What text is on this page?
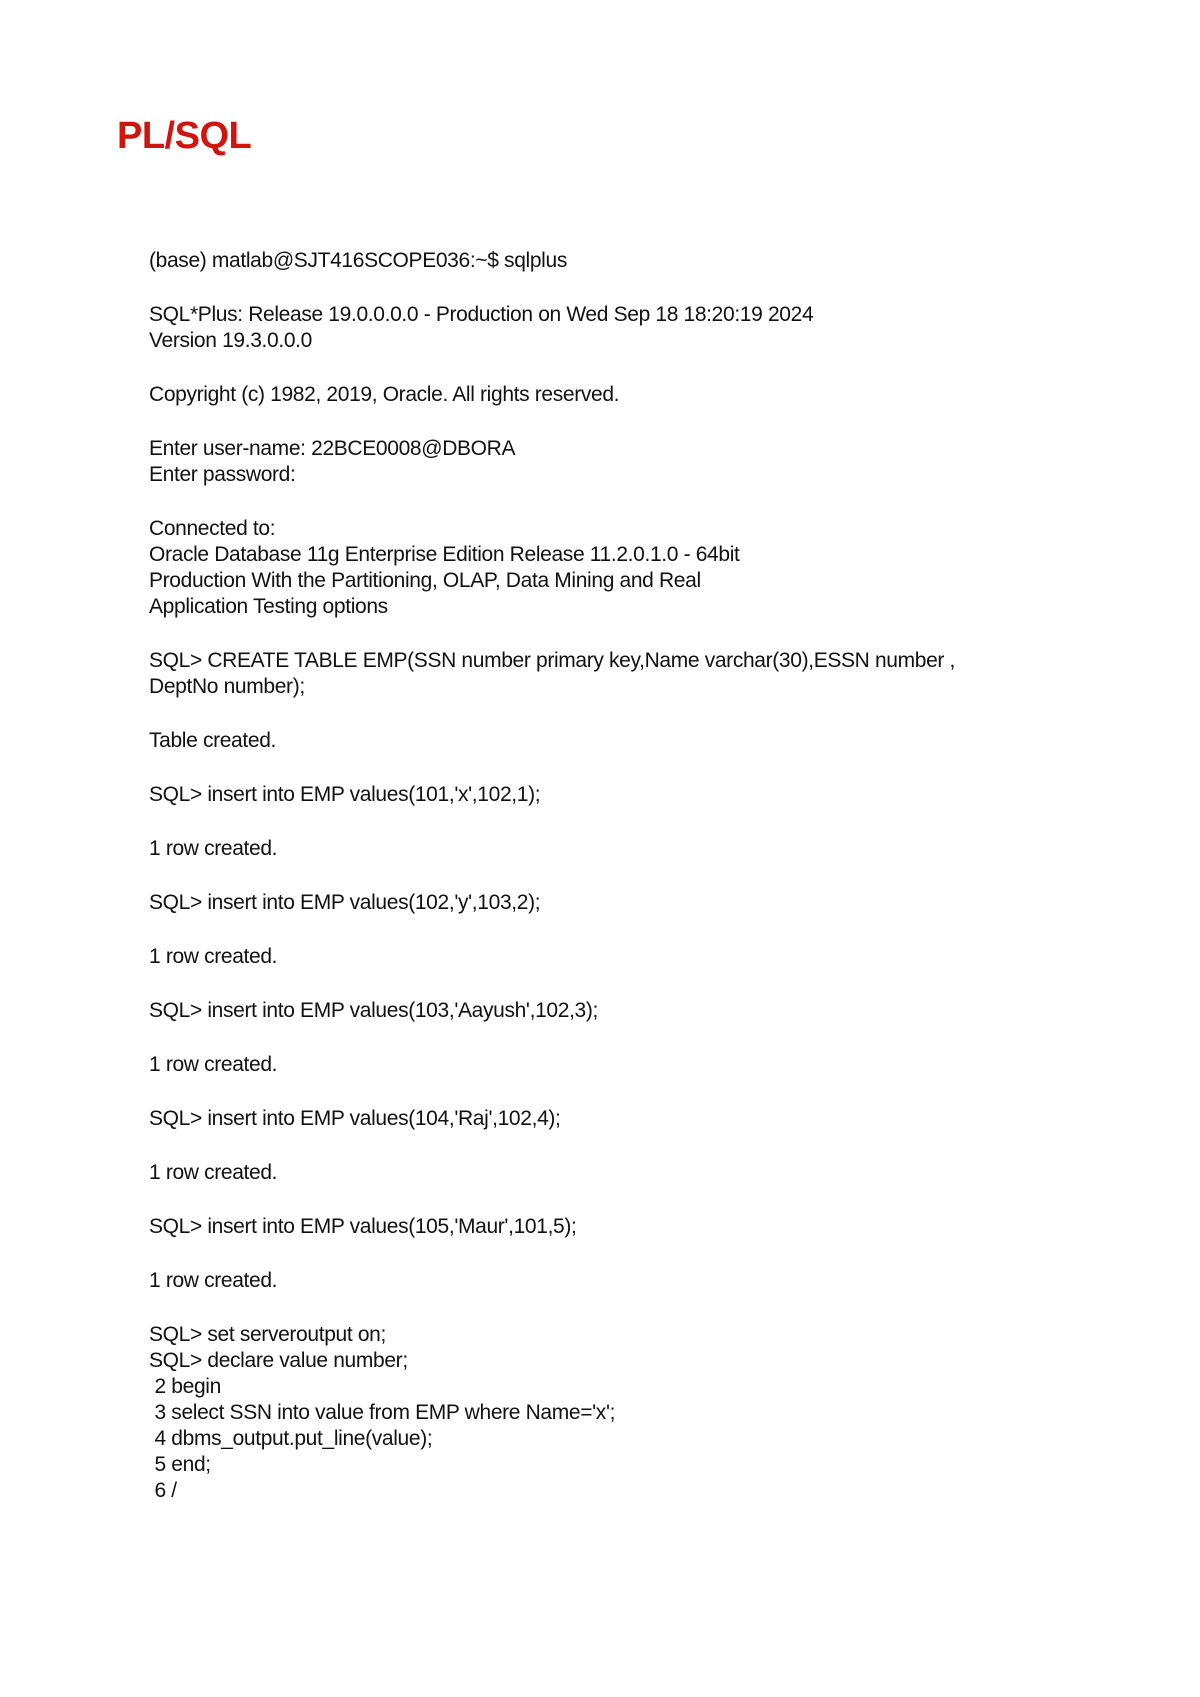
PL/SQL
(base) matlab@SJT416SCOPE036:~$ sqlplus
SQL*Plus: Release 19.0.0.0.0 - Production on Wed Sep 18 18:20:19 2024
Version 19.3.0.0.0
Copyright (c) 1982, 2019, Oracle. All rights reserved.
Enter user-name: 22BCE0008@DBORA
Enter password:
Connected to:
Oracle Database 11g Enterprise Edition Release 11.2.0.1.0 - 64bit
Production With the Partitioning, OLAP, Data Mining and Real
Application Testing options
SQL> CREATE TABLE EMP(SSN number primary key,Name varchar(30),ESSN number ,
DeptNo number);
Table created.
SQL> insert into EMP values(101,'x',102,1);
1 row created.
SQL> insert into EMP values(102,'y',103,2);
1 row created.
SQL> insert into EMP values(103,'Aayush',102,3);
1 row created.
SQL> insert into EMP values(104,'Raj',102,4);
1 row created.
SQL> insert into EMP values(105,'Maur',101,5);
1 row created.
SQL> set serveroutput on;
SQL> declare value number;
2 begin
3 select SSN into value from EMP where Name='x';
4 dbms_output.put_line(value);
5 end;
6 /
